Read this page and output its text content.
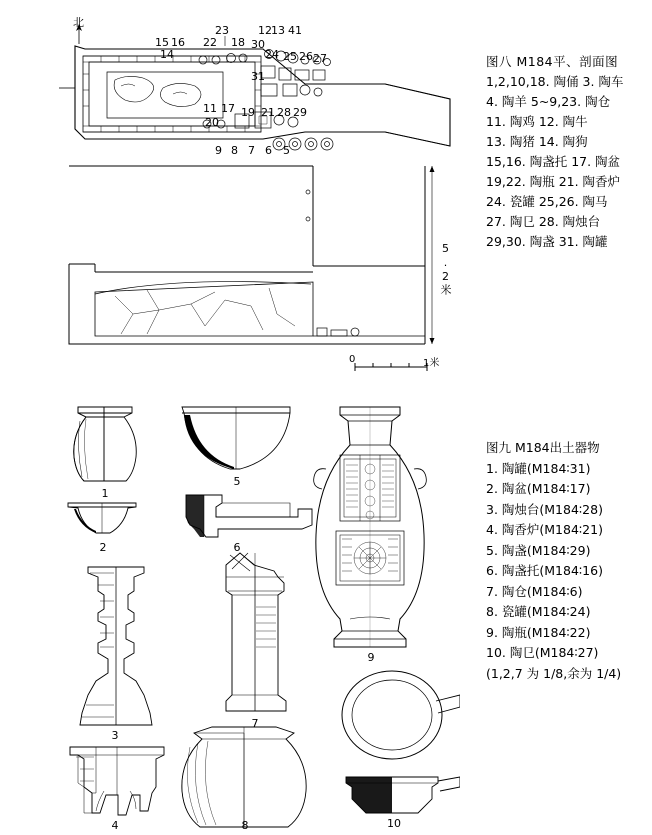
北
23	12 13 41
15 16 22 18 30
14	24 25 26 27
31
11 17 19 21 28 29
20
9 8 7 6 5
5.2米
0	1米
图八 M184平、剖面图
1,2,10,18. 陶俑 3. 陶车
4. 陶羊 5~9,23. 陶仓
11. 陶鸡 12. 陶牛
13. 陶猪 14. 陶狗
15,16. 陶盏托 17. 陶盆
19,22. 陶瓶 21. 陶香炉
24. 瓷罐 25,26. 陶马
27. 陶㔾 28. 陶烛台
29,30. 陶盏 31. 陶罐
1
2
3
4
5
6
7
8
9
10
图九 M184出土器物
1. 陶罐(M184∶31)
2. 陶盆(M184∶17)
3. 陶烛台(M184∶28)
4. 陶香炉(M184∶21)
5. 陶盏(M184∶29)
6. 陶盏托(M184∶16)
7. 陶仓(M184∶6)
8. 瓷罐(M184∶24)
9. 陶瓶(M184∶22)
10. 陶㔾(M184∶27)
(1,2,7 为 1/8,余为 1/4)
